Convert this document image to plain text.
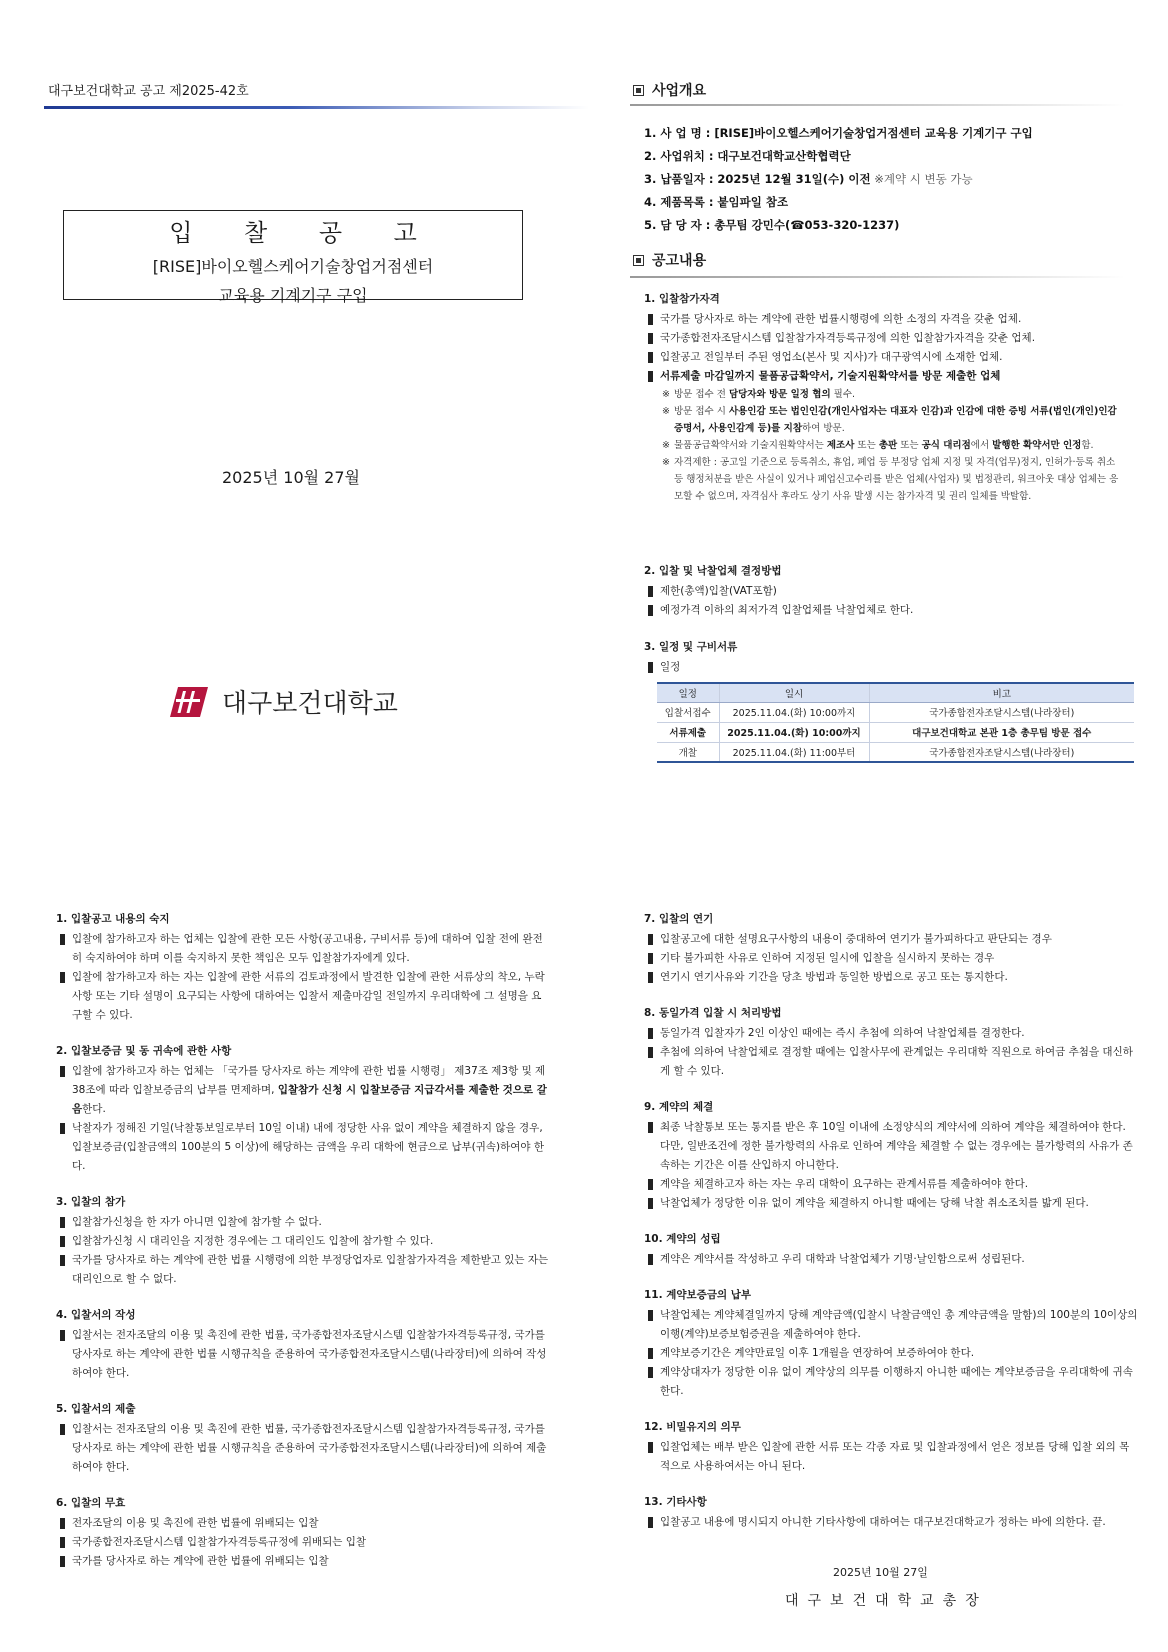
대구보건대학교 공고 제2025-42호
입 찰 공 고
[RISE]바이오헬스케어기술창업거점센터
교육용 기계기구 구입
2025년 10월 27월
대구보건대학교
사업개요
1. 사 업 명 : [RISE]바이오헬스케어기술창업거점센터 교육용 기계기구 구입
2. 사업위치 : 대구보건대학교산학협력단
3. 납품일자 : 2025년 12월 31일(수) 이전 ※계약 시 변동 가능
4. 제품목록 : 붙임파일 참조
5. 담 당 자 : 총무팀 강민수(☎053-320-1237)
공고내용
1. 입찰참가자격
국가를 당사자로 하는 계약에 관한 법률시행령에 의한 소정의 자격을 갖춘 업체.
국가종합전자조달시스템 입찰참가자격등록규정에 의한 입찰참가자격을 갖춘 업체.
입찰공고 전일부터 주된 영업소(본사 및 지사)가 대구광역시에 소재한 업체.
서류제출 마감일까지 물품공급확약서, 기술지원확약서를 방문 제출한 업체
※ 방문 접수 전 담당자와 방문 일정 협의 필수.
※ 방문 접수 시 사용인감 또는 법인인감(개인사업자는 대표자 인감)과 인감에 대한 증빙 서류(법인(개인)인감증명서, 사용인감계 등)를 지참하여 방문.
※ 물품공급확약서와 기술지원확약서는 제조사 또는 총판 또는 공식 대리점에서 발행한 확약서만 인정함.
※ 자격제한 : 공고일 기준으로 등록취소, 휴업, 폐업 등 부정당 업체 지정 및 자격(업무)정지, 인허가·등록 취소 등 행정처분을 받은 사실이 있거나 폐업신고수리를 받은 업체(사업자) 및 법정관리, 워크아웃 대상 업체는 응모할 수 없으며, 자격심사 후라도 상기 사유 발생 시는 참가자격 및 권리 일체를 박탈함.
2. 입찰 및 낙찰업체 결정방법
제한(총액)입찰(VAT포함)
예정가격 이하의 최저가격 입찰업체를 낙찰업체로 한다.
3. 일정 및 구비서류
일정
일정	일시	비고
입찰서접수	2025.11.04.(화) 10:00까지	국가종합전자조달시스템(나라장터)
서류제출	2025.11.04.(화) 10:00까지	대구보건대학교 본관 1층 총무팀 방문 접수
개찰	2025.11.04.(화) 11:00부터	국가종합전자조달시스템(나라장터)
1. 입찰공고 내용의 숙지
입찰에 참가하고자 하는 업체는 입찰에 관한 모든 사항(공고내용, 구비서류 등)에 대하여 입찰 전에 완전히 숙지하여야 하며 이를 숙지하지 못한 책임은 모두 입찰참가자에게 있다.
입찰에 참가하고자 하는 자는 입찰에 관한 서류의 검토과정에서 발견한 입찰에 관한 서류상의 착오, 누락사항 또는 기타 설명이 요구되는 사항에 대하여는 입찰서 제출마감일 전일까지 우리대학에 그 설명을 요구할 수 있다.
2. 입찰보증금 및 동 귀속에 관한 사항
입찰에 참가하고자 하는 업체는 「국가를 당사자로 하는 계약에 관한 법률 시행령」 제37조 제3항 및 제38조에 따라 입찰보증금의 납부를 면제하며, 입찰참가 신청 시 입찰보증금 지급각서를 제출한 것으로 갈음한다.
낙찰자가 정해진 기일(낙찰통보일로부터 10일 이내) 내에 정당한 사유 없이 계약을 체결하지 않을 경우, 입찰보증금(입찰금액의 100분의 5 이상)에 해당하는 금액을 우리 대학에 현금으로 납부(귀속)하여야 한다.
3. 입찰의 참가
입찰참가신청을 한 자가 아니면 입찰에 참가할 수 없다.
입찰참가신청 시 대리인을 지정한 경우에는 그 대리인도 입찰에 참가할 수 있다.
국가를 당사자로 하는 계약에 관한 법률 시행령에 의한 부정당업자로 입찰참가자격을 제한받고 있는 자는 대리인으로 할 수 없다.
4. 입찰서의 작성
입찰서는 전자조달의 이용 및 촉진에 관한 법률, 국가종합전자조달시스템 입찰참가자격등록규정, 국가를 당사자로 하는 계약에 관한 법률 시행규칙을 준용하여 국가종합전자조달시스템(나라장터)에 의하여 작성하여야 한다.
5. 입찰서의 제출
입찰서는 전자조달의 이용 및 촉진에 관한 법률, 국가종합전자조달시스템 입찰참가자격등록규정, 국가를 당사자로 하는 계약에 관한 법률 시행규칙을 준용하여 국가종합전자조달시스템(나라장터)에 의하여 제출하여야 한다.
6. 입찰의 무효
전자조달의 이용 및 촉진에 관한 법률에 위배되는 입찰
국가종합전자조달시스템 입찰참가자격등록규정에 위배되는 입찰
국가를 당사자로 하는 계약에 관한 법률에 위배되는 입찰
7. 입찰의 연기
입찰공고에 대한 설명요구사항의 내용이 중대하여 연기가 불가피하다고 판단되는 경우
기타 불가피한 사유로 인하여 지정된 일시에 입찰을 실시하지 못하는 경우
연기시 연기사유와 기간을 당초 방법과 동일한 방법으로 공고 또는 통지한다.
8. 동일가격 입찰 시 처리방법
동일가격 입찰자가 2인 이상인 때에는 즉시 추첨에 의하여 낙찰업체를 결정한다.
추첨에 의하여 낙찰업체로 결정할 때에는 입찰사무에 관계없는 우리대학 직원으로 하여금 추첨을 대신하게 할 수 있다.
9. 계약의 체결
최종 낙찰통보 또는 통지를 받은 후 10일 이내에 소정양식의 계약서에 의하여 계약을 체결하여야 한다. 다만, 일반조건에 정한 불가항력의 사유로 인하여 계약을 체결할 수 없는 경우에는 불가항력의 사유가 존속하는 기간은 이를 산입하지 아니한다.
계약을 체결하고자 하는 자는 우리 대학이 요구하는 관계서류를 제출하여야 한다.
낙찰업체가 정당한 이유 없이 계약을 체결하지 아니할 때에는 당해 낙찰 취소조치를 밟게 된다.
10. 계약의 성립
계약은 계약서를 작성하고 우리 대학과 낙찰업체가 기명·날인함으로써 성립된다.
11. 계약보증금의 납부
낙찰업체는 계약체결일까지 당해 계약금액(입찰시 낙찰금액인 총 계약금액을 말함)의 100분의 10이상의 이행(계약)보증보험증권을 제출하여야 한다.
계약보증기간은 계약만료일 이후 1개월을 연장하여 보증하여야 한다.
계약상대자가 정당한 이유 없이 계약상의 의무를 이행하지 아니한 때에는 계약보증금을 우리대학에 귀속한다.
12. 비밀유지의 의무
입찰업체는 배부 받은 입찰에 관한 서류 또는 각종 자료 및 입찰과정에서 얻은 정보를 당해 입찰 외의 목적으로 사용하여서는 아니 된다.
13. 기타사항
입찰공고 내용에 명시되지 아니한 기타사항에 대하여는 대구보건대학교가 정하는 바에 의한다. 끝.
2025년 10월 27일
대구보건대학교총장
